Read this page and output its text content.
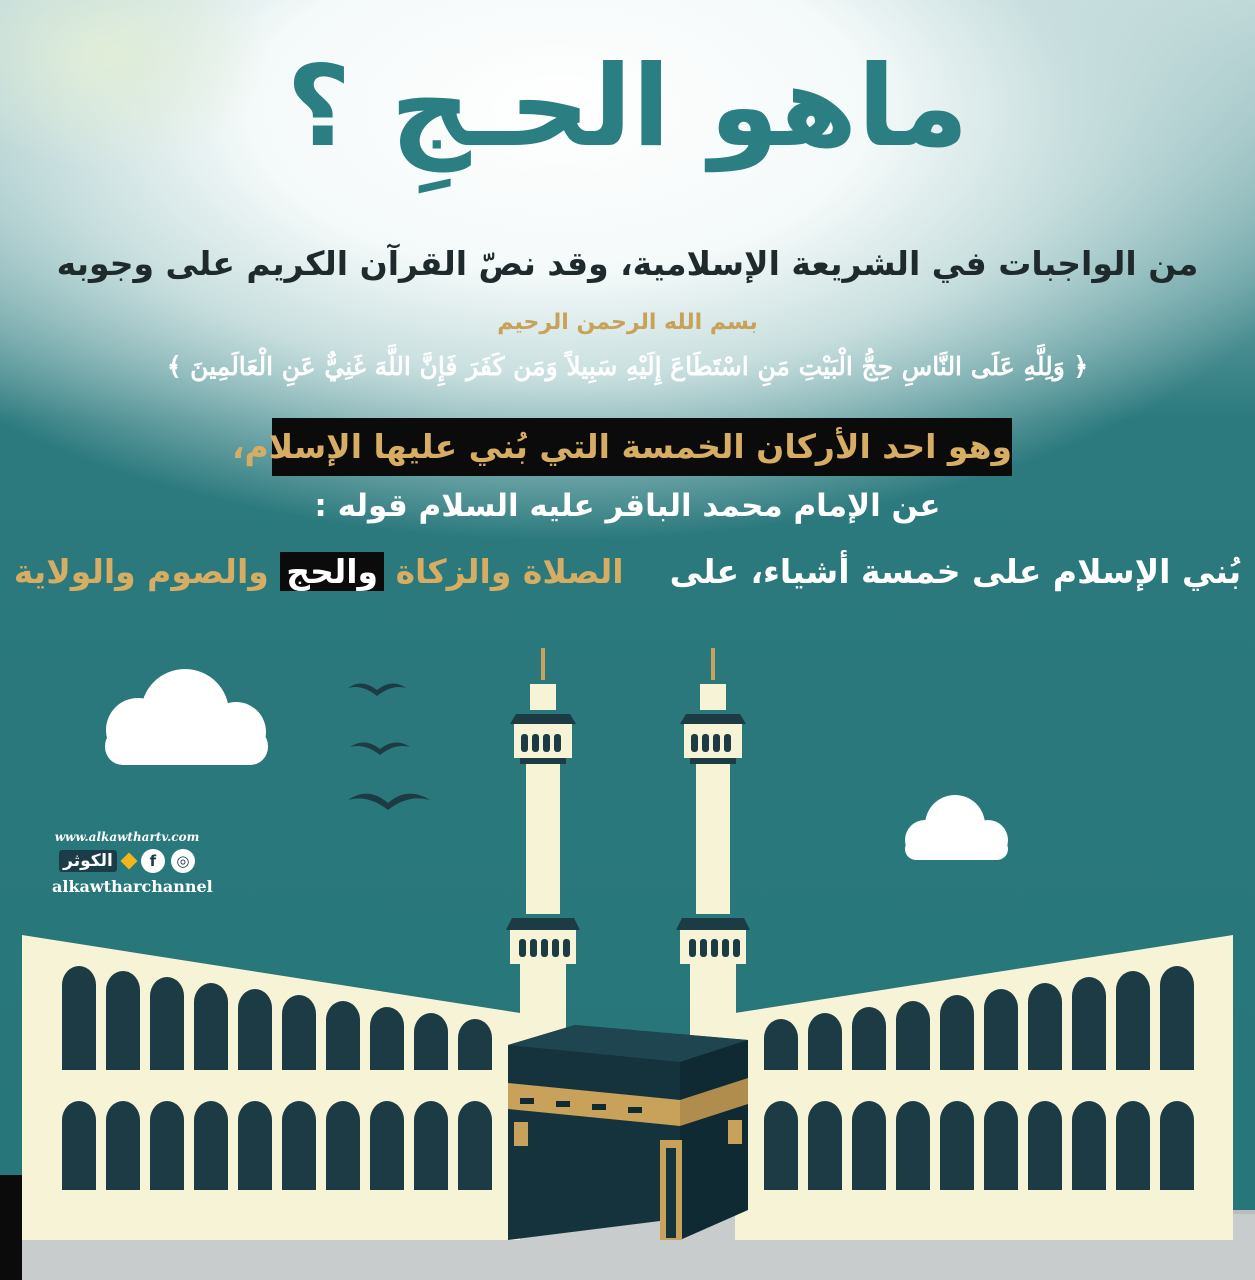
ماهو الحـجِ ؟
من الواجبات في الشريعة الإسلامية، وقد نصّ القرآن الكريم على وجوبه
بسم الله الرحمن الرحيم
﴿ وَلِلَّهِ عَلَى النَّاسِ حِجُّ الْبَيْتِ مَنِ اسْتَطَاعَ إِلَيْهِ سَبِيلاً وَمَن كَفَرَ فَإِنَّ اللَّهَ غَنِيٌّ عَنِ الْعَالَمِينَ ﴾
وهو احد الأركان الخمسة التي بُني عليها الإسلام،
عن الإمام محمد الباقر عليه السلام قوله :
بُني الإسلام على خمسة أشياء، على    الصلاة والزكاة والحج والصوم والولاية
www.alkawthartv.com
الكوثر	f	◎
alkawtharchannel
